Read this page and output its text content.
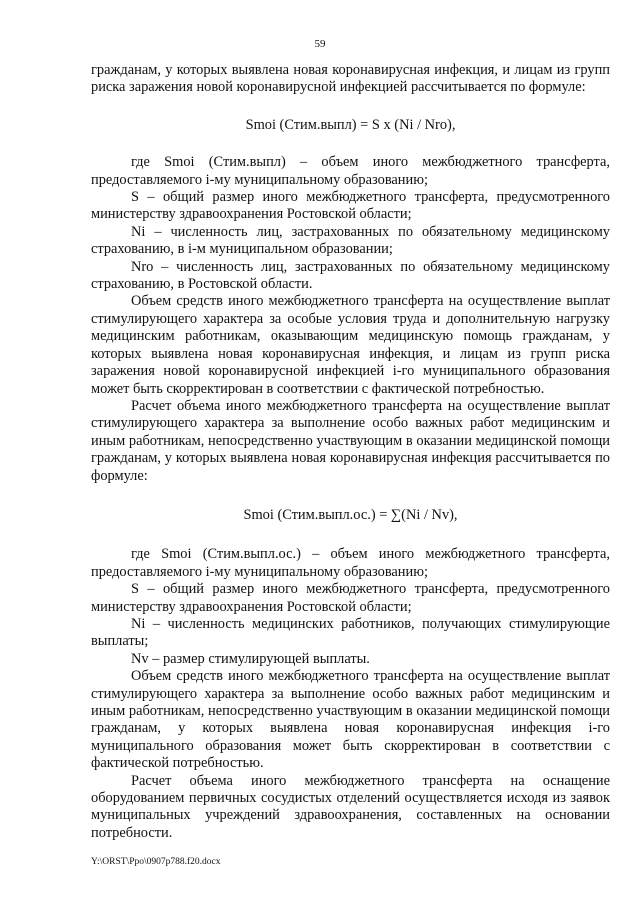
59

гражданам, у которых выявлена новая коронавирусная инфекция, и лицам из групп риска заражения новой коронавирусной инфекцией рассчитывается по формуле:

Smoi (Стим.выпл) = S x (Ni / Nro),

где Smoi (Стим.выпл) – объем иного межбюджетного трансферта, предоставляемого i-му муниципальному образованию;

S – общий размер иного межбюджетного трансферта, предусмотренного министерству здравоохранения Ростовской области;

Ni – численность лиц, застрахованных по обязательному медицинскому страхованию, в i-м муниципальном образовании;

Nro – численность лиц, застрахованных по обязательному медицинскому страхованию, в Ростовской области.

Объем средств иного межбюджетного трансферта на осуществление выплат стимулирующего характера за особые условия труда и дополнительную нагрузку медицинским работникам, оказывающим медицинскую помощь гражданам, у которых выявлена новая коронавирусная инфекция, и лицам из групп риска заражения новой коронавирусной инфекцией i-го муниципального образования может быть скорректирован в соответствии с фактической потребностью.

Расчет объема иного межбюджетного трансферта на осуществление выплат стимулирующего характера за выполнение особо важных работ медицинским и иным работникам, непосредственно участвующим в оказании медицинской помощи гражданам, у которых выявлена новая коронавирусная инфекция рассчитывается по формуле:

Smoi (Стим.выпл.ос.) = ∑(Ni / Nv),

где Smoi (Стим.выпл.ос.) – объем иного межбюджетного трансферта, предоставляемого i-му муниципальному образованию;

S – общий размер иного межбюджетного трансферта, предусмотренного министерству здравоохранения Ростовской области;

Ni – численность медицинских работников, получающих стимулирующие выплаты;

Nv – размер стимулирующей выплаты.

Объем средств иного межбюджетного трансферта на осуществление выплат стимулирующего характера за выполнение особо важных работ медицинским и иным работникам, непосредственно участвующим в оказании медицинской помощи гражданам, у которых выявлена новая коронавирусная инфекция i-го муниципального образования может быть скорректирован в соответствии с фактической потребностью.

Расчет объема иного межбюджетного трансферта на оснащение оборудованием первичных сосудистых отделений осуществляется исходя из заявок муниципальных учреждений здравоохранения, составленных на основании потребности.

Y:\ORST\Ppo\0907p788.f20.docx
